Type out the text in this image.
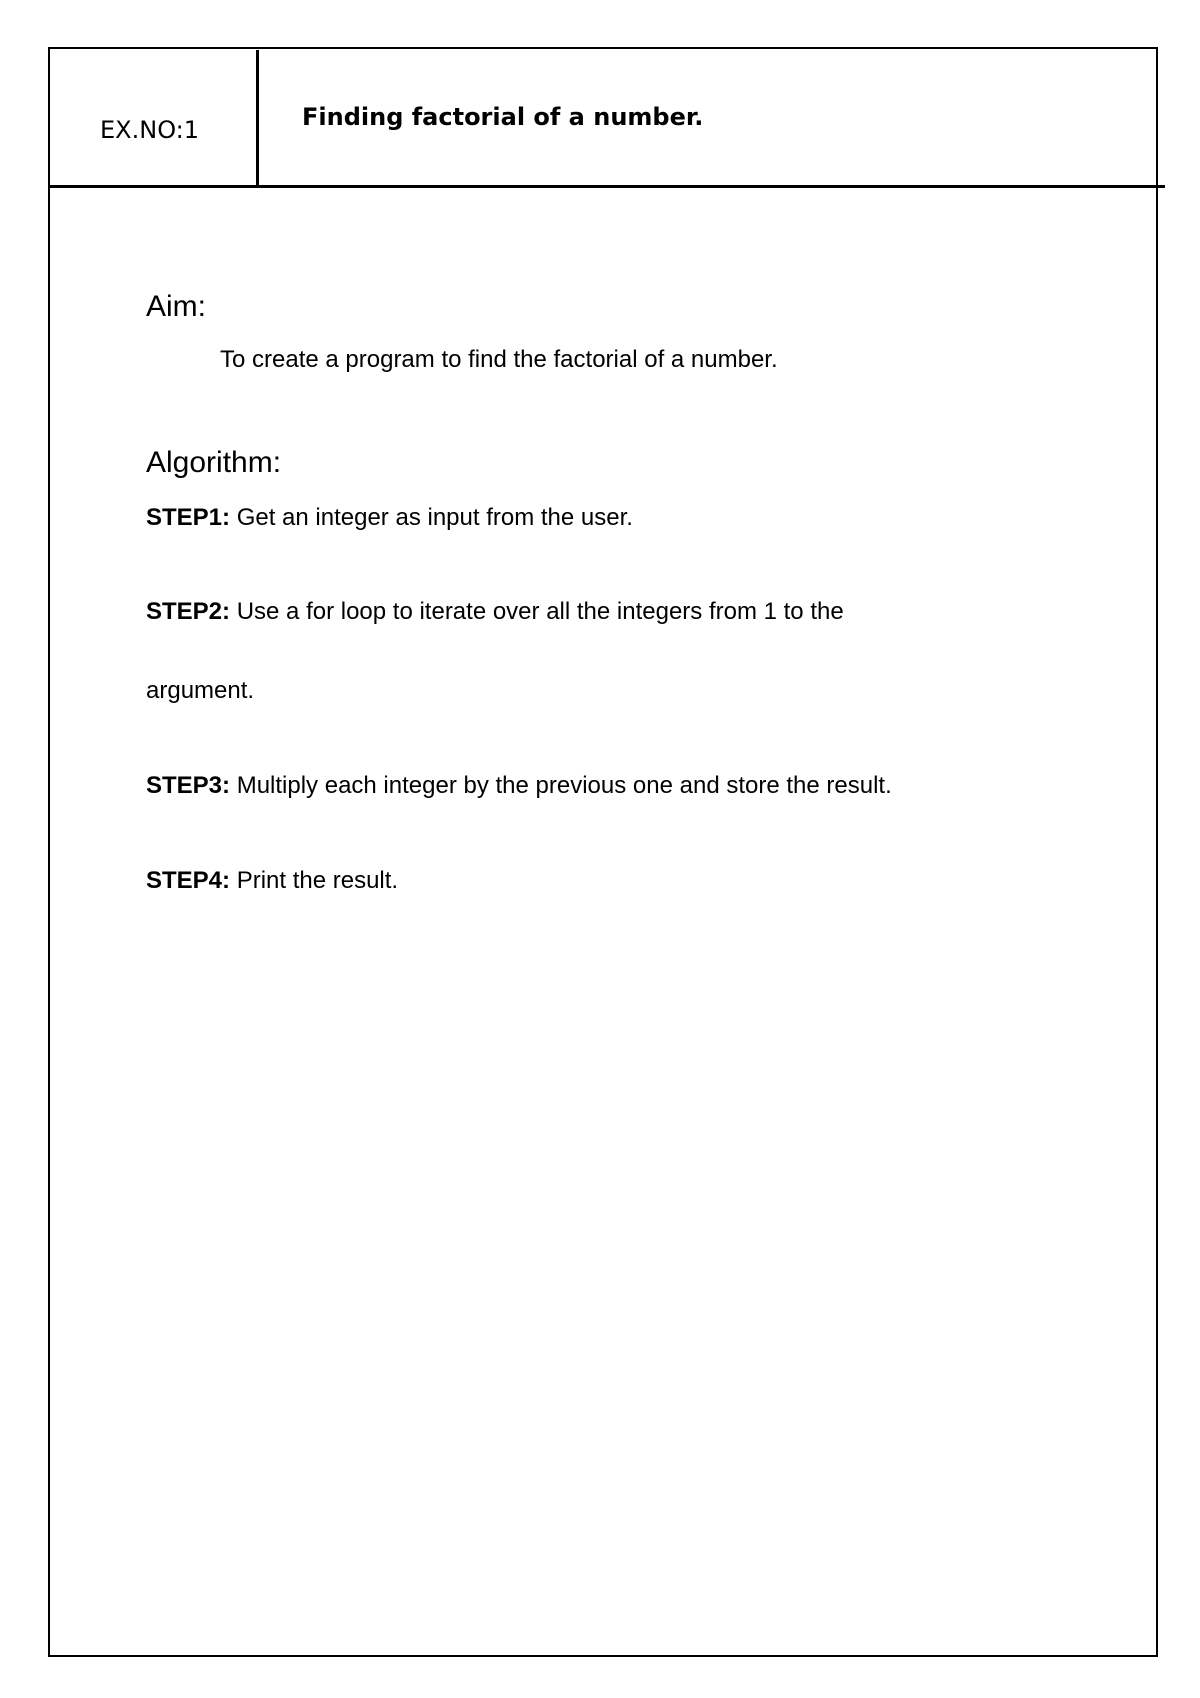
EX.NO:1	Finding factorial of a number.
Aim:
To create a program to find the factorial of a number.
Algorithm:
STEP1: Get an integer as input from the user.
STEP2: Use a for loop to iterate over all the integers from 1 to the
argument.
STEP3: Multiply each integer by the previous one and store the result.
STEP4: Print the result.
